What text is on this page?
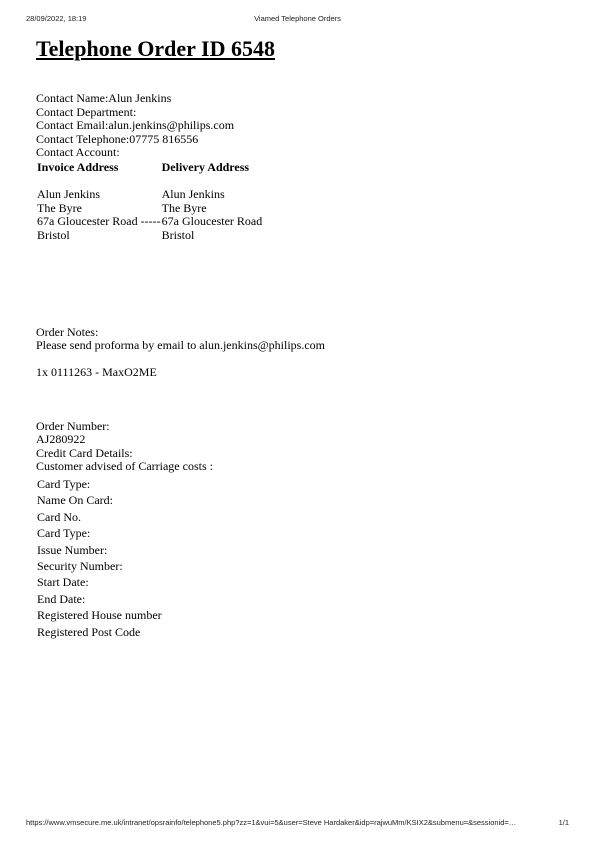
28/09/2022, 18:19	Viamed Telephone Orders
Telephone Order ID 6548
Contact Name:Alun Jenkins
Contact Department:
Contact Email:alun.jenkins@philips.com
Contact Telephone:07775 816556
Contact Account:
Invoice Address	Delivery Address
Alun Jenkins	Alun Jenkins
The Byre	The Byre
67a Gloucester Road -----	67a Gloucester Road
Bristol	Bristol
Order Notes:
Please send proforma by email to alun.jenkins@philips.com
1x 0111263 - MaxO2ME
Order Number:
AJ280922
Credit Card Details:
Customer advised of Carriage costs :
Card Type:
Name On Card:
Card No.
Card Type:
Issue Number:
Security Number:
Start Date:
End Date:
Registered House number
Registered Post Code
https://www.vmsecure.me.uk/intranet/opsrainfo/telephone5.php?zz=1&vui=5&user=Steve Hardaker&idp=rajwuMm/KSIX2&submenu=&sessionid=…	1/1
